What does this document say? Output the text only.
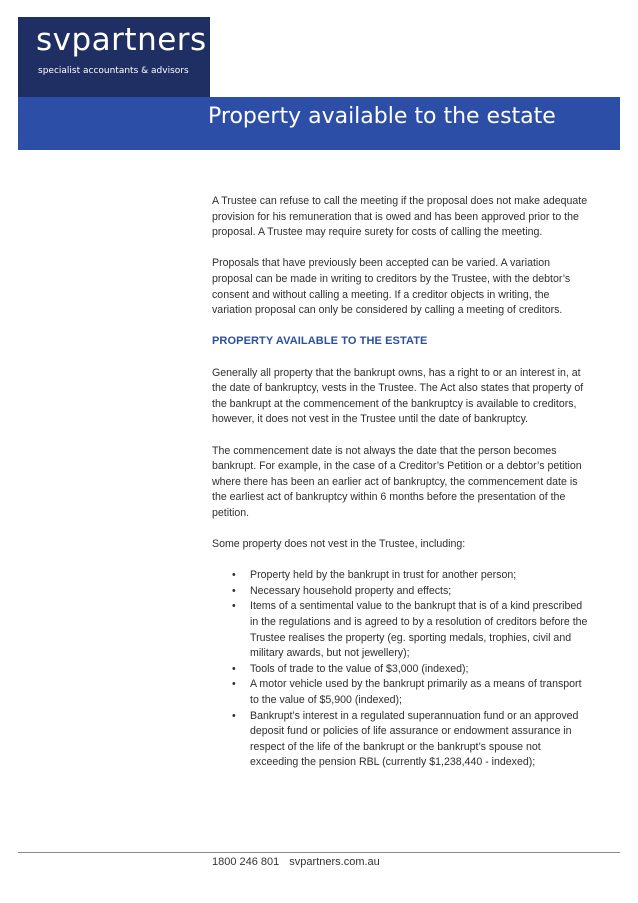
svpartners
specialist accountants & advisors
Property available to the estate

A Trustee can refuse to call the meeting if the proposal does not make adequate provision for his remuneration that is owed and has been approved prior to the proposal. A Trustee may require surety for costs of calling the meeting.

Proposals that have previously been accepted can be varied. A variation proposal can be made in writing to creditors by the Trustee, with the debtor’s consent and without calling a meeting. If a creditor objects in writing, the variation proposal can only be considered by calling a meeting of creditors.

PROPERTY AVAILABLE TO THE ESTATE

Generally all property that the bankrupt owns, has a right to or an interest in, at the date of bankruptcy, vests in the Trustee. The Act also states that property of the bankrupt at the commencement of the bankruptcy is available to creditors, however, it does not vest in the Trustee until the date of bankruptcy.

The commencement date is not always the date that the person becomes bankrupt. For example, in the case of a Creditor’s Petition or a debtor’s petition where there has been an earlier act of bankruptcy, the commencement date is the earliest act of bankruptcy within 6 months before the presentation of the petition.

Some property does not vest in the Trustee, including:

• Property held by the bankrupt in trust for another person;
• Necessary household property and effects;
• Items of a sentimental value to the bankrupt that is of a kind prescribed in the regulations and is agreed to by a resolution of creditors before the Trustee realises the property (eg. sporting medals, trophies, civil and military awards, but not jewellery);
• Tools of trade to the value of $3,000 (indexed);
• A motor vehicle used by the bankrupt primarily as a means of transport to the value of $5,900 (indexed);
• Bankrupt’s interest in a regulated superannuation fund or an approved deposit fund or policies of life assurance or endowment assurance in respect of the life of the bankrupt or the bankrupt’s spouse not exceeding the pension RBL (currently $1,238,440 - indexed);
1800 246 801 svpartners.com.au
